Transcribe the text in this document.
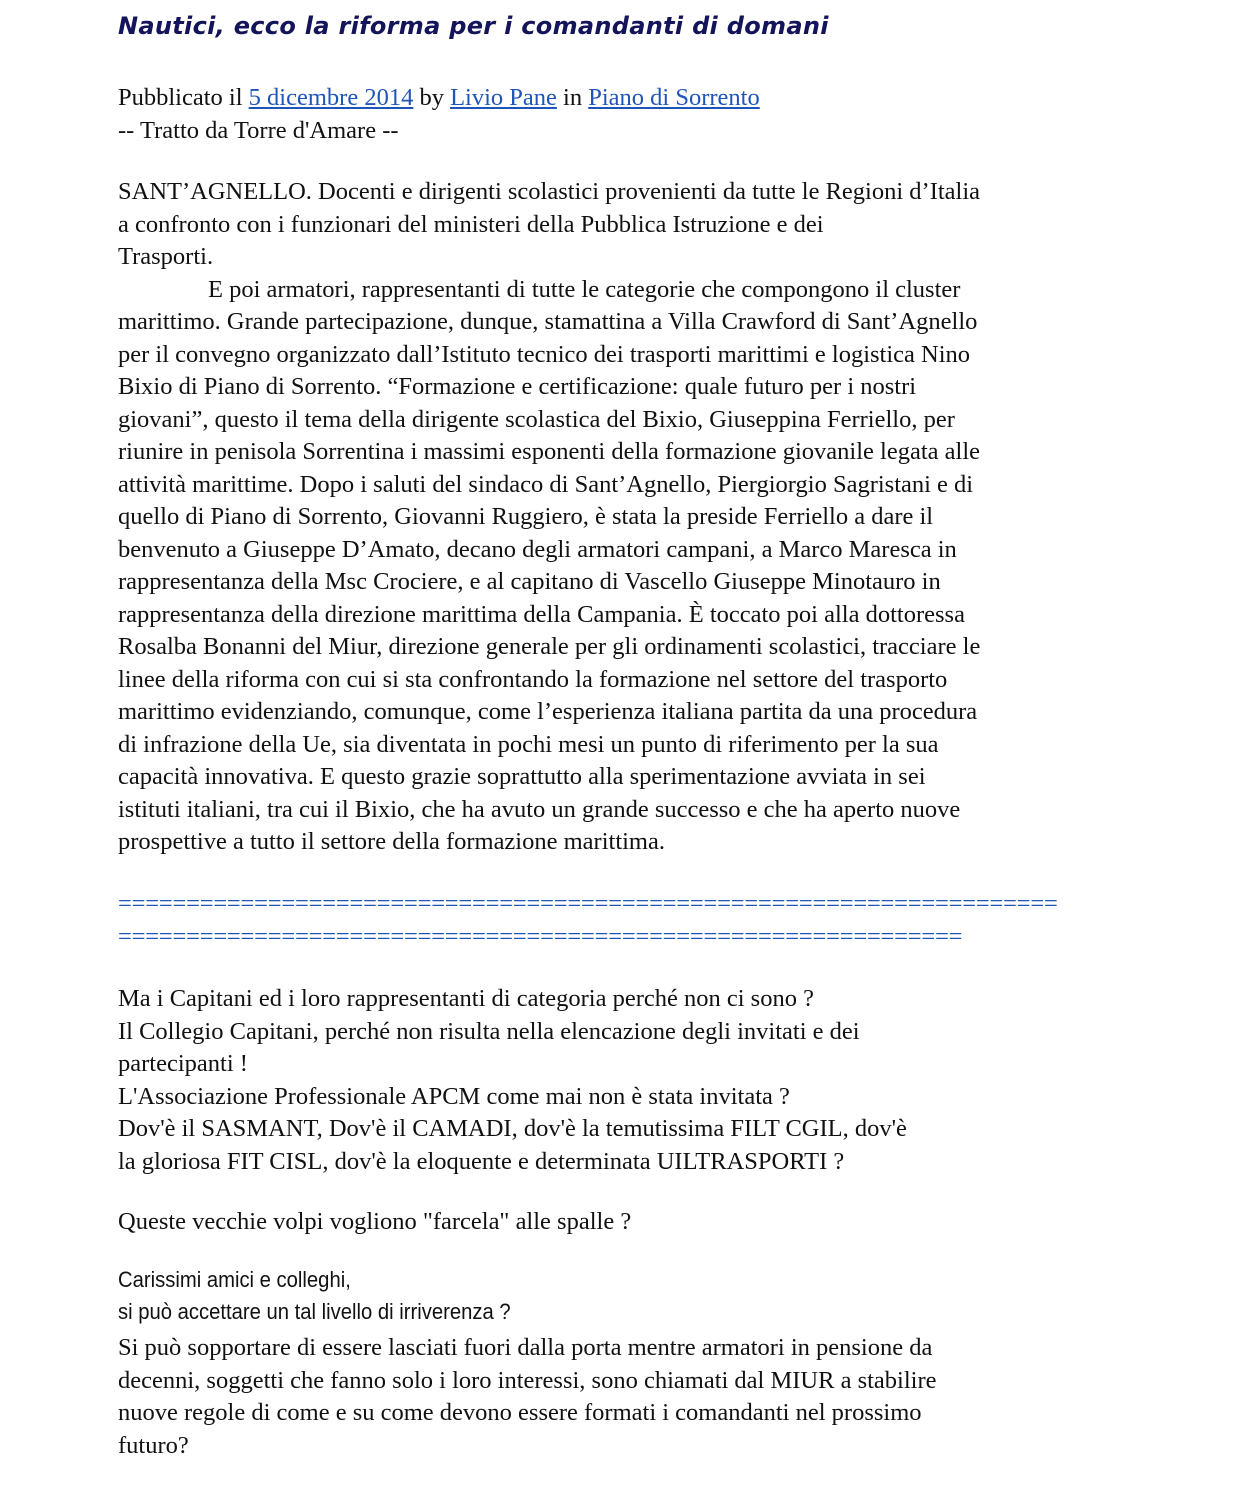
Nautici, ecco la riforma per i comandanti di domani
Pubblicato il 5 dicembre 2014 by Livio Pane in Piano di Sorrento
-- Tratto da Torre d'Amare --
SANT’AGNELLO. Docenti e dirigenti scolastici provenienti da tutte le Regioni d’Italia
a confronto con i funzionari del ministeri della Pubblica Istruzione e dei
Trasporti.
E poi armatori, rappresentanti di tutte le categorie che compongono il cluster
marittimo. Grande partecipazione, dunque, stamattina a Villa Crawford di Sant’Agnello
per il convegno organizzato dall’Istituto tecnico dei trasporti marittimi e logistica Nino
Bixio di Piano di Sorrento. “Formazione e certificazione: quale futuro per i nostri
giovani”, questo il tema della dirigente scolastica del Bixio, Giuseppina Ferriello, per
riunire in penisola Sorrentina i massimi esponenti della formazione giovanile legata alle
attività marittime. Dopo i saluti del sindaco di Sant’Agnello, Piergiorgio Sagristani e di
quello di Piano di Sorrento, Giovanni Ruggiero, è stata la preside Ferriello a dare il
benvenuto a Giuseppe D’Amato, decano degli armatori campani, a Marco Maresca in
rappresentanza della Msc Crociere, e al capitano di Vascello Giuseppe Minotauro in
rappresentanza della direzione marittima della Campania. È toccato poi alla dottoressa
Rosalba Bonanni del Miur, direzione generale per gli ordinamenti scolastici, tracciare le
linee della riforma con cui si sta confrontando la formazione nel settore del trasporto
marittimo evidenziando, comunque, come l’esperienza italiana partita da una procedura
di infrazione della Ue, sia diventata in pochi mesi un punto di riferimento per la sua
capacità innovativa. E questo grazie soprattutto alla sperimentazione avviata in sei
istituti italiani, tra cui il Bixio, che ha avuto un grande successo e che ha aperto nuove
prospettive a tutto il settore della formazione marittima.
=====================================================================
==============================================================
Ma i Capitani ed i loro rappresentanti di categoria perché non ci sono ?
Il Collegio Capitani, perché non risulta nella elencazione degli invitati e dei
partecipanti !
L'Associazione Professionale APCM come mai non è stata invitata ?
Dov'è il SASMANT, Dov'è il CAMADI, dov'è la temutissima FILT CGIL, dov'è
la gloriosa FIT CISL, dov'è la eloquente e determinata UILTRASPORTI ?
Queste vecchie volpi vogliono "farcela" alle spalle ?
Carissimi amici e colleghi,
si può accettare un tal livello di irriverenza ?
Si può sopportare di essere lasciati fuori dalla porta mentre armatori in pensione da
decenni, soggetti che fanno solo i loro interessi, sono chiamati dal MIUR a stabilire
nuove regole di come e su come devono essere formati i comandanti nel prossimo
futuro?
